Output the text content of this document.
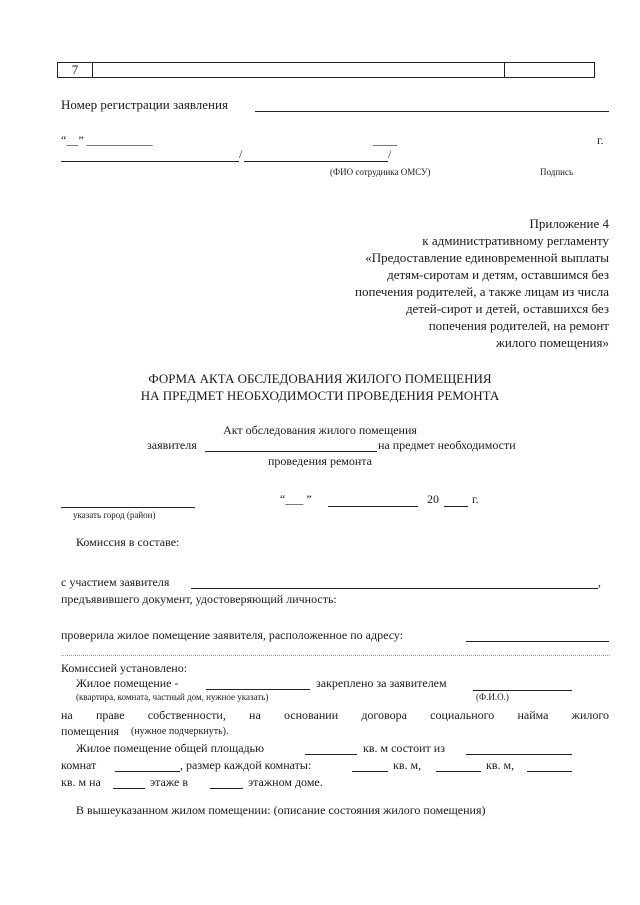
7
Номер регистрации заявления
“__” ___________	____	г.
/	/
(ФИО сотрудника ОМСУ)	Подпись
Приложение 4
к административному регламенту
«Предоставление единовременной выплаты
детям-сиротам и детям, оставшимся без
попечения родителей, а также лицам из числа
детей-сирот и детей, оставшихся без
попечения родителей, на ремонт
жилого помещения»
ФОРМА АКТА ОБСЛЕДОВАНИЯ ЖИЛОГО ПОМЕЩЕНИЯ
НА ПРЕДМЕТ НЕОБХОДИМОСТИ ПРОВЕДЕНИЯ РЕМОНТА
Акт обследования жилого помещения
заявителя	на предмет необходимости
проведения ремонта
указать город (район)
“___ ”	20	г.
Комиссия в составе:
с участием заявителя	,
предъявившего документ, удостоверяющий личность:
проверила жилое помещение заявителя, расположенное по адресу:
Комиссией установлено:
Жилое помещение -	закреплено за заявителем
(квартира, комната, частный дом, нужное указать)	(Ф.И.О.)
на праве собственности, на основании договора социального найма жилого
помещения (нужное подчеркнуть).
Жилое помещение общей площадью	кв. м состоит из
комнат	, размер каждой комнаты:	кв. м,	кв. м,
кв. м на	этаже в	этажном доме.
В вышеуказанном жилом помещении: (описание состояния жилого помещения)
